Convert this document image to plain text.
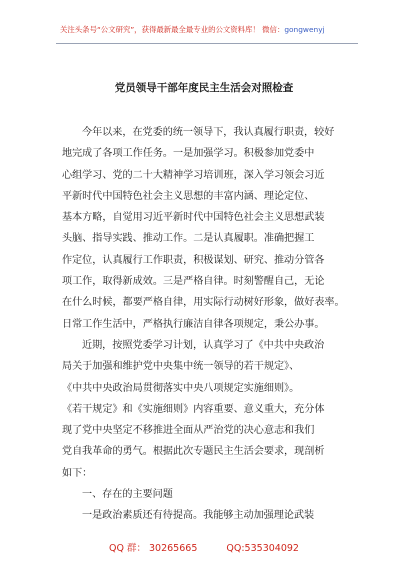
关注头条号“公文研究”，获得最新最全最专业的公文资料库！ 微信：gongwenyj
党员领导干部年度民主生活会对照检查
今年以来，在党委的统一领导下，我认真履行职责，较好
地完成了各项工作任务。一是加强学习。积极参加党委中
心组学习、党的二十大精神学习培训班，深入学习领会习近
平新时代中国特色社会主义思想的丰富内涵、理论定位、
基本方略，自觉用习近平新时代中国特色社会主义思想武装
头脑、指导实践、推动工作。二是认真履职。准确把握工
作定位，认真履行工作职责，积极谋划、研究、推动分管各
项工作，取得新成效。三是严格自律。时刻警醒自己，无论
在什么时候，都要严格自律，用实际行动树好形象，做好表率。
日常工作生活中，严格执行廉洁自律各项规定，秉公办事。
近期，按照党委学习计划，认真学习了《中共中央政治
局关于加强和维护党中央集中统一领导的若干规定》、
《中共中央政治局贯彻落实中央八项规定实施细则》。
《若干规定》和《实施细则》内容重要、意义重大，充分体
现了党中央坚定不移推进全面从严治党的决心意志和我们
党自我革命的勇气。根据此次专题民主生活会要求，现剖析
如下：
一、存在的主要问题
一是政治素质还有待提高。我能够主动加强理论武装
QQ 群： 30265665	QQ:535304092
